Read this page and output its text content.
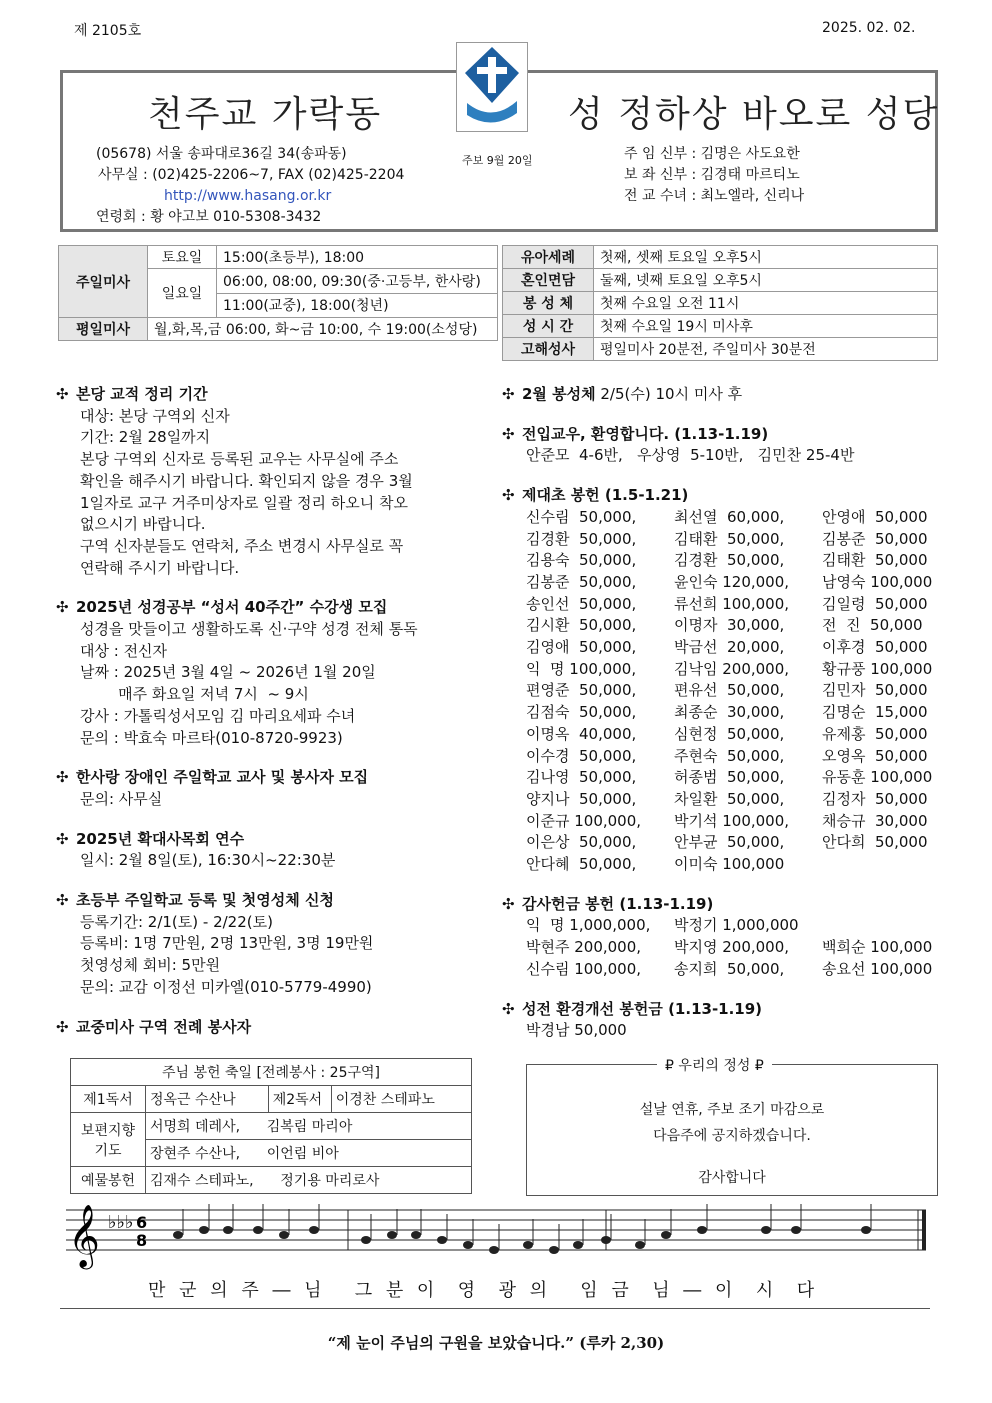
제 2105호	2025. 02. 02.
천주교 가락동	성 정하상 바오로 성당
(05678) 서울 송파대로36길 34(송파동)
사무실 : (02)425-2206~7, FAX (02)425-2204
http://www.hasang.or.kr
연령회 : 황 야고보 010-5308-3432
주보 9월 20일	주 임 신부 : 김명은 사도요한
보 좌 신부 : 김경태 마르티노
전 교 수녀 : 최노엘라, 신리나
주일미사	토요일	15:00(초등부), 18:00
	일요일	06:00, 08:00, 09:30(중·고등부, 한사랑)
		11:00(교중), 18:00(청년)
평일미사	월,화,목,금 06:00, 화~금 10:00, 수 19:00(소성당)	
유아세례	첫째, 셋째 토요일 오후5시
혼인면담	둘째, 넷째 토요일 오후5시
봉 성 체	첫째 수요일 오전 11시
성 시 간	첫째 수요일 19시 미사후
고해성사	평일미사 20분전, 주일미사 30분전
✣ 본당 교적 정리 기간
대상: 본당 구역외 신자
기간: 2월 28일까지
본당 구역외 신자로 등록된 교우는 사무실에 주소
확인을 해주시기 바랍니다. 확인되지 않을 경우 3월
1일자로 교구 거주미상자로 일괄 정리 하오니 착오
없으시기 바랍니다.
구역 신자분들도 연락처, 주소 변경시 사무실로 꼭
연락해 주시기 바랍니다.
✣ 2025년 성경공부 “성서 40주간” 수강생 모집
성경을 맛들이고 생활하도록 신·구약 성경 전체 통독
대상 : 전신자
날짜 : 2025년 3월 4일 ~ 2026년 1월 20일
매주 화요일 저녁 7시  ~ 9시
강사 : 가톨릭성서모임 김 마리요세파 수녀
문의 : 박효숙 마르타(010-8720-9923)
✣ 한사랑 장애인 주일학교 교사 및 봉사자 모집
문의: 사무실
✣ 2025년 확대사목회 연수
일시: 2월 8일(토), 16:30시~22:30분
✣ 초등부 주일학교 등록 및 첫영성체 신청
등록기간: 2/1(토) - 2/22(토)
등록비: 1명 7만원, 2명 13만원, 3명 19만원
첫영성체 회비: 5만원
문의: 교감 이정선 미카엘(010-5779-4990)
✣ 교중미사 구역 전례 봉사자
주님 봉헌 축일 [전례봉사 : 25구역]			
제1독서	정옥근 수산나	제2독서	이경찬 스테파노
보편지향 기도	서명희 데레사,      김복림 마리아		
	장현주 수산나,      이언림 비아		
예물봉헌	김재수 스테파노,      정기용 마리로사		
✣ 2월 봉성체 2/5(수) 10시 미사 후
✣ 전입교우, 환영합니다. (1.13-1.19)
안준모  4-6반,   우상영  5-10반,   김민찬 25-4반
✣ 제대초 봉헌 (1.5-1.21)
신수림  50,000,	최선열  60,000,	안영애  50,000
김경환  50,000,	김태환  50,000,	김봉준  50,000
김용숙  50,000,	김경환  50,000,	김태환  50,000
김봉준  50,000,	윤인숙 120,000,	남영숙 100,000
송인선  50,000,	류선희 100,000,	김일령  50,000
김시환  50,000,	이명자  30,000,	전  진  50,000
김영애  50,000,	박금선  20,000,	이후경  50,000
익  명 100,000,	김낙임 200,000,	황규풍 100,000
편영준  50,000,	편유선  50,000,	김민자  50,000
김점숙  50,000,	최종순  30,000,	김명순  15,000
이명옥  40,000,	심현정  50,000,	유제홍  50,000
이수경  50,000,	주현숙  50,000,	오영옥  50,000
김나영  50,000,	허종범  50,000,	유동훈 100,000
양지나  50,000,	차일환  50,000,	김정자  50,000
이준규 100,000,	박기석 100,000,	채승규  30,000
이은상  50,000,	안부균  50,000,	안다희  50,000
안다혜  50,000,	이미숙 100,000
✣ 감사헌금 봉헌 (1.13-1.19)
익  명 1,000,000,	박정기 1,000,000
박현주 200,000,	박지영 200,000,	백희순 100,000
신수림 100,000,	송지희  50,000,	송요선 100,000
✣ 성전 환경개선 봉헌금 (1.13-1.19)
박경남 50,000
₽ 우리의 정성 ₽
설날 연휴, 주보 조기 마감으로
다음주에 공지하겠습니다.
감사합니다
𝄞 ♭♭♭ 6
8
만 군 의 주 ― 님   그 분 이  영  광 의   임 금  님 ― 이  시  다
“제 눈이 주님의 구원을 보았습니다.” (루카 2,30)
